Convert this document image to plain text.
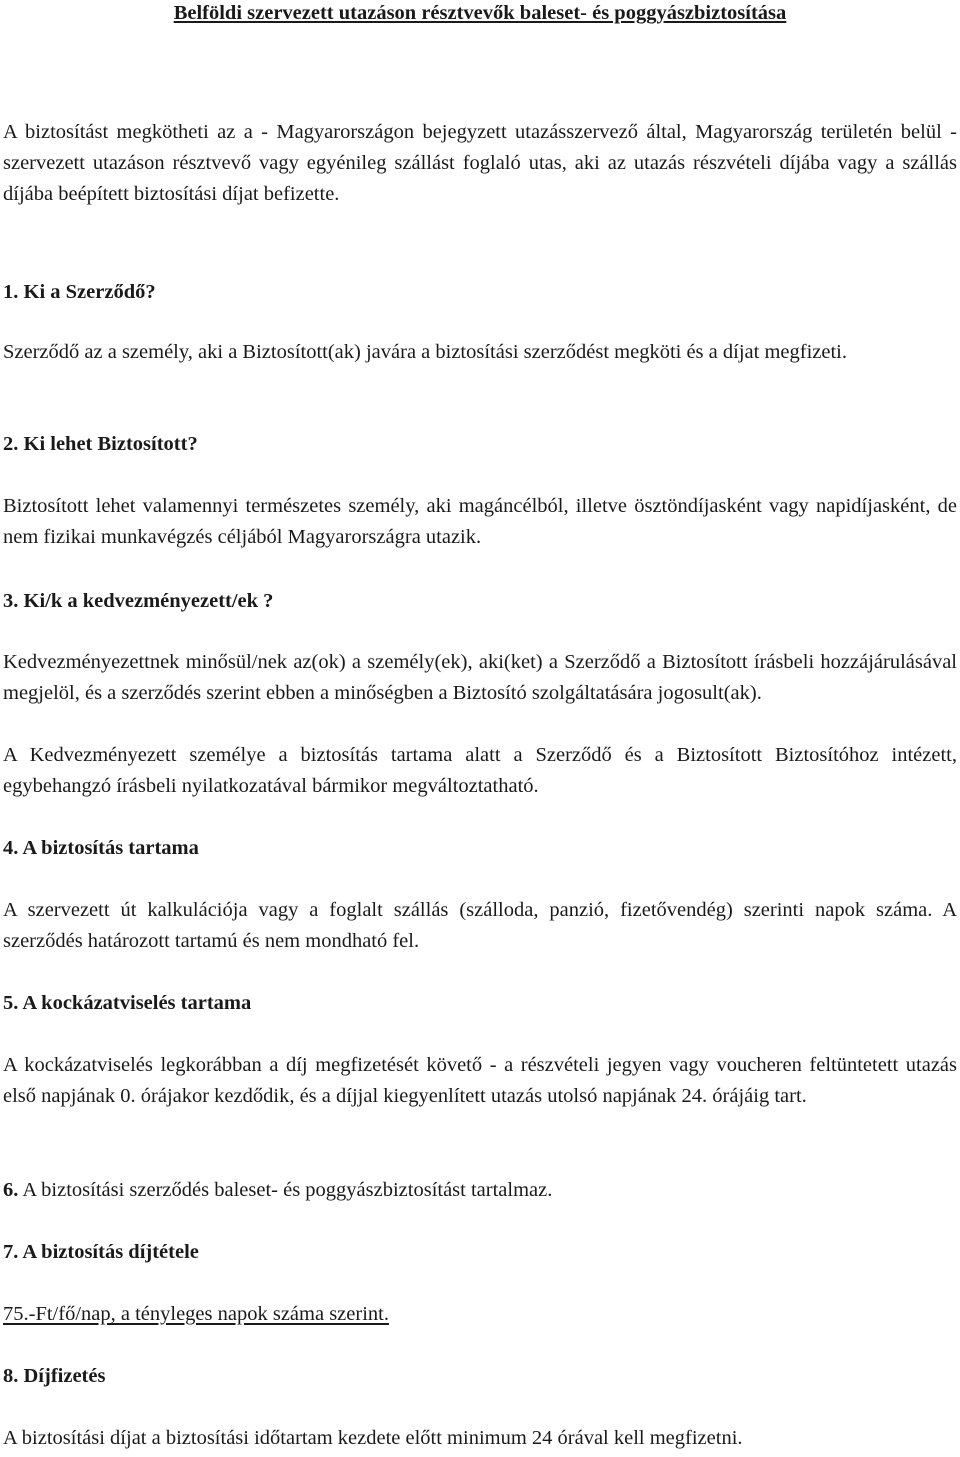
Belföldi szervezett utazáson résztvevők baleset- és poggyászbiztosítása

A biztosítást megkötheti az a - Magyarországon bejegyzett utazásszervező által, Magyarország területén belül - szervezett utazáson résztvevő vagy egyénileg szállást foglaló utas, aki az utazás részvételi díjába vagy a szállás díjába beépített biztosítási díjat befizette.

1. Ki a Szerződő?

Szerződő az a személy, aki a Biztosított(ak) javára a biztosítási szerződést megköti és a díjat megfizeti.

2. Ki lehet Biztosított?

Biztosított lehet valamennyi természetes személy, aki magáncélból, illetve ösztöndíjasként vagy napidíjasként, de nem fizikai munkavégzés céljából Magyarországra utazik.

3. Ki/k a kedvezményezett/ek ?

Kedvezményezettnek minősül/nek az(ok) a személy(ek), aki(ket) a Szerződő a Biztosított írásbeli hozzájárulásával megjelöl, és a szerződés szerint ebben a minőségben a Biztosító szolgáltatására jogosult(ak).

A Kedvezményezett személye a biztosítás tartama alatt a Szerződő és a Biztosított Biztosítóhoz intézett, egybehangzó írásbeli nyilatkozatával bármikor megváltoztatható.

4. A biztosítás tartama

A szervezett út kalkulációja vagy a foglalt szállás (szálloda, panzió, fizetővendég) szerinti napok száma. A szerződés határozott tartamú és nem mondható fel.

5. A kockázatviselés tartama

A kockázatviselés legkorábban a díj megfizetését követő - a részvételi jegyen vagy voucheren feltüntetett utazás első napjának 0. órájakor kezdődik, és a díjjal kiegyenlített utazás utolsó napjának 24. órájáig tart.

6. A biztosítási szerződés baleset- és poggyászbiztosítást tartalmaz.

7. A biztosítás díjtétele

75.-Ft/fő/nap, a tényleges napok száma szerint.

8. Díjfizetés

A biztosítási díjat a biztosítási időtartam kezdete előtt minimum 24 órával kell megfizetni.
